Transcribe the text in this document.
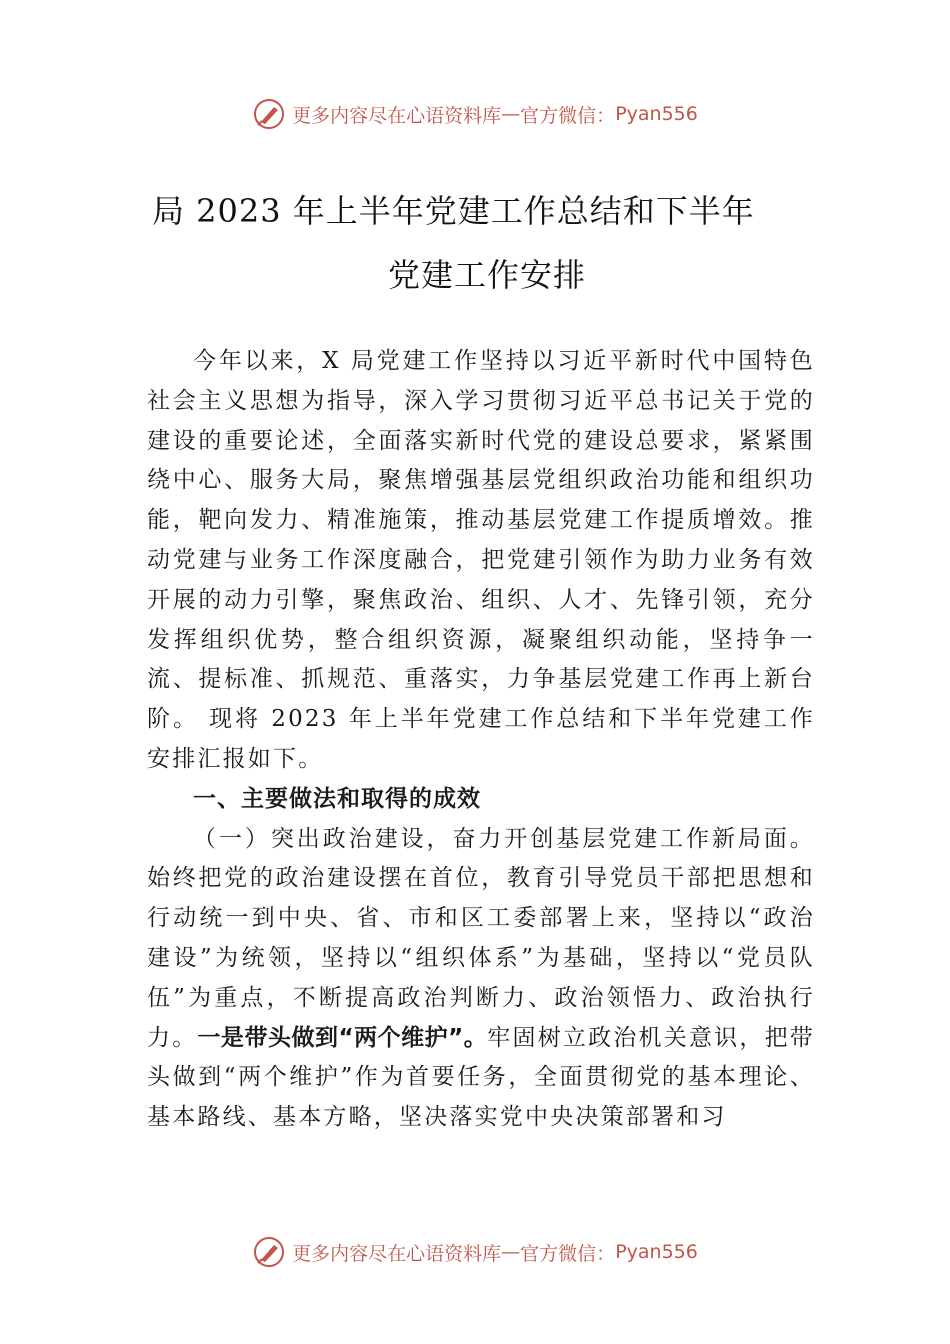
更多内容尽在心语资料库 — 官方微信： Pyan556
局 2023 年上半年党建工作总结和下半年
党建工作安排

今年以来，X 局党建工作坚持以习近平新时代中国特色社会主义思想为指导，深入学习贯彻习近平总书记关于党的建设的重要论述，全面落实新时代党的建设总要求，紧紧围绕中心、服务大局，聚焦增强基层党组织政治功能和组织功能，靶向发力、精准施策，推动基层党建工作提质增效。推动党建与业务工作深度融合，把党建引领作为助力业务有效开展的动力引擎，聚焦政治、组织、人才、先锋引领，充分发挥组织优势，整合组织资源，凝聚组织动能，坚持争一流、提标准、抓规范、重落实，力争基层党建工作再上新台阶。 现将 2023 年上半年党建工作总结和下半年党建工作安排汇报如下。

一、主要做法和取得的成效

（一）突出政治建设，奋力开创基层党建工作新局面。始终把党的政治建设摆在首位，教育引导党员干部把思想和行动统一到中央、省、市和区工委部署上来，坚持以“政治建设”为统领，坚持以“组织体系”为基础，坚持以“党员队伍”为重点，不断提高政治判断力、政治领悟力、政治执行力。一是带头做到“两个维护”。牢固树立政治机关意识，把带头做到“两个维护”作为首要任务，全面贯彻党的基本理论、基本路线、基本方略，坚决落实党中央决策部署和习

更多内容尽在心语资料库 — 官方微信： Pyan556
